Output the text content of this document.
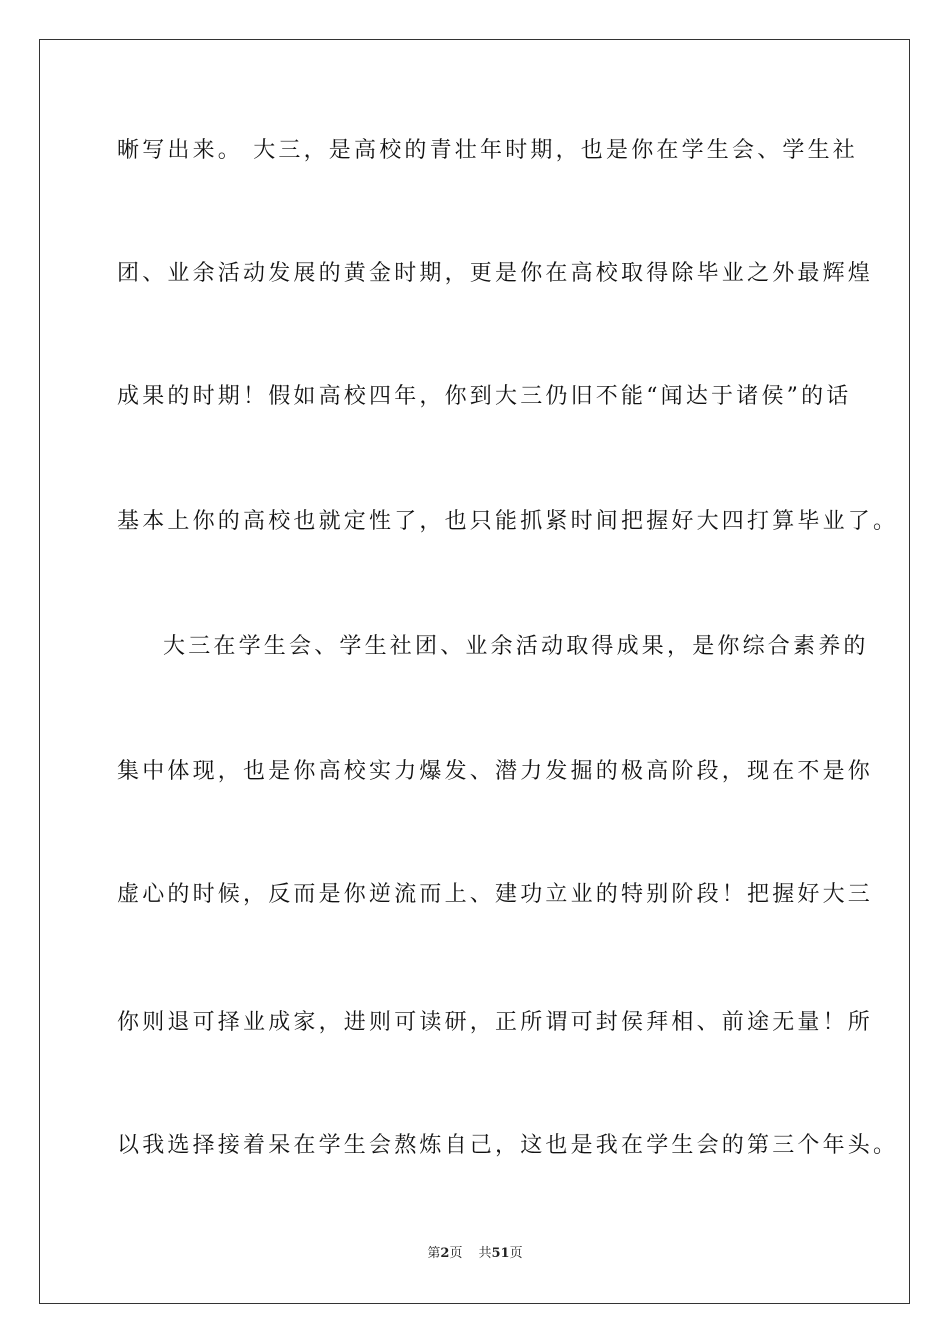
晰写出来。 大三，是高校的青壮年时期，也是你在学生会、学生社
团、业余活动发展的黄金时期，更是你在高校取得除毕业之外最辉煌
成果的时期！假如高校四年，你到大三仍旧不能“闻达于诸侯”的话
基本上你的高校也就定性了，也只能抓紧时间把握好大四打算毕业了。
大三在学生会、学生社团、业余活动取得成果，是你综合素养的
集中体现，也是你高校实力爆发、潜力发掘的极高阶段，现在不是你
虚心的时候，反而是你逆流而上、建功立业的特别阶段！把握好大三
你则退可择业成家，进则可读研，正所谓可封侯拜相、前途无量！所
以我选择接着呆在学生会熬炼自己，这也是我在学生会的第三个年头。
第2页 共51页
